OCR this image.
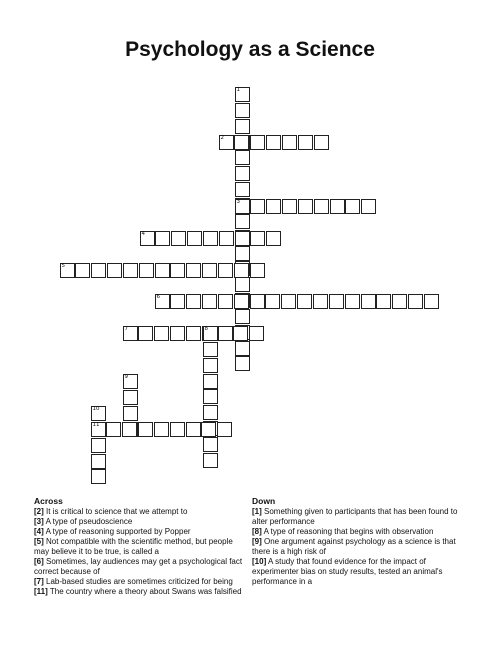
Psychology as a Science
1
2
3
4
5
6
7	8
9
10
11
Across

[2] It is critical to science that we attempt to

[3] A type of pseudoscience

[4] A type of reasoning supported by Popper

[5] Not compatible with the scientific method, but people may believe it to be true, is called a

[6] Sometimes, lay audiences may get a psychological fact correct because of

[7] Lab-based studies are sometimes criticized for being

[11] The country where a theory about Swans was falsified

Down

[1] Something given to participants that has been found to alter performance

[8] A type of reasoning that begins with observation

[9] One argument against psychology as a science is that there is a high risk of

[10] A study that found evidence for the impact of experimenter bias on study results, tested an animal's performance in a
